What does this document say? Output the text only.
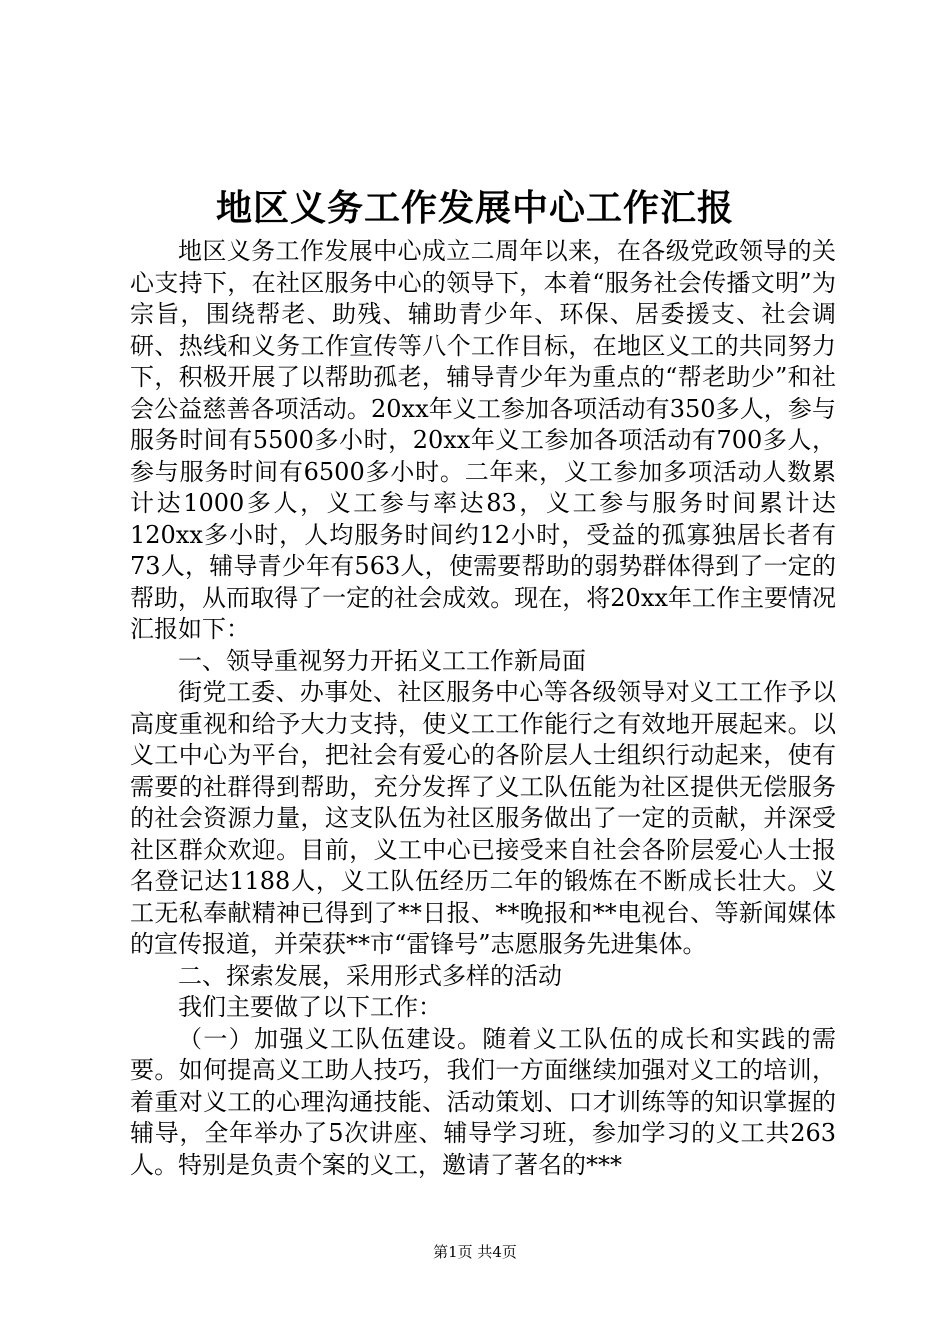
地区义务工作发展中心工作汇报

地区义务工作发展中心成立二周年以来，在各级党政领导的关心支持下，在社区服务中心的领导下，本着“服务社会传播文明”为宗旨，围绕帮老、助残、辅助青少年、环保、居委援支、社会调研、热线和义务工作宣传等八个工作目标，在地区义工的共同努力下，积极开展了以帮助孤老，辅导青少年为重点的“帮老助少”和社会公益慈善各项活动。20xx年义工参加各项活动有350多人，参与服务时间有5500多小时，20xx年义工参加各项活动有700多人，参与服务时间有6500多小时。二年来，义工参加多项活动人数累计达1000多人，义工参与率达83，义工参与服务时间累计达120xx多小时，人均服务时间约12小时，受益的孤寡独居长者有73人，辅导青少年有563人，使需要帮助的弱势群体得到了一定的帮助，从而取得了一定的社会成效。现在，将20xx年工作主要情况汇报如下：

一、领导重视努力开拓义工工作新局面

街党工委、办事处、社区服务中心等各级领导对义工工作予以高度重视和给予大力支持，使义工工作能行之有效地开展起来。以义工中心为平台，把社会有爱心的各阶层人士组织行动起来，使有需要的社群得到帮助，充分发挥了义工队伍能为社区提供无偿服务的社会资源力量，这支队伍为社区服务做出了一定的贡献，并深受社区群众欢迎。目前，义工中心已接受来自社会各阶层爱心人士报名登记达1188人，义工队伍经历二年的锻炼在不断成长壮大。义工无私奉献精神已得到了**日报、**晚报和**电视台、等新闻媒体的宣传报道，并荣获**市“雷锋号”志愿服务先进集体。

二、探索发展，采用形式多样的活动

我们主要做了以下工作：

（一）加强义工队伍建设。随着义工队伍的成长和实践的需要。如何提高义工助人技巧，我们一方面继续加强对义工的培训，着重对义工的心理沟通技能、活动策划、口才训练等的知识掌握的辅导，全年举办了5次讲座、辅导学习班，参加学习的义工共263人。特别是负责个案的义工，邀请了著名的***

第1页 共4页
